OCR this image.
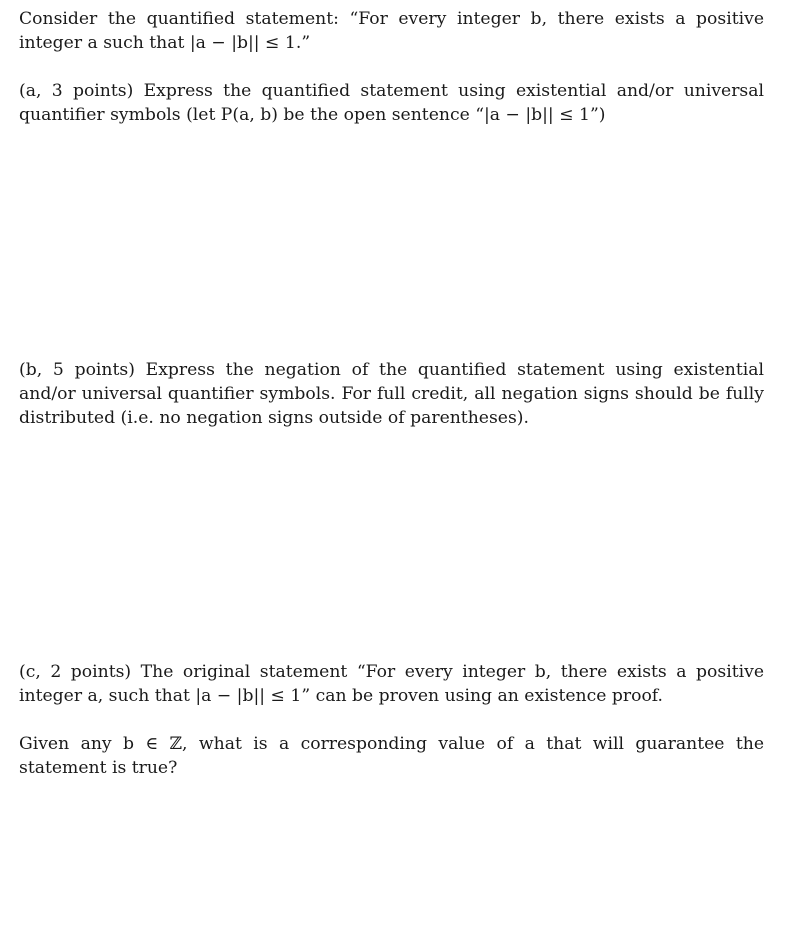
Consider the quantified statement: “For every integer b, there exists a positive integer a such that |a − |b|| ≤ 1.”

(a, 3 points) Express the quantified statement using existential and/or universal quantifier symbols (let P(a, b) be the open sentence “|a − |b|| ≤ 1”)

(b, 5 points) Express the negation of the quantified statement using existential and/or universal quantifier symbols. For full credit, all negation signs should be fully distributed (i.e. no negation signs outside of parentheses).

(c, 2 points) The original statement “For every integer b, there exists a positive integer a, such that |a − |b|| ≤ 1” can be proven using an existence proof.

Given any b ∈ ℤ, what is a corresponding value of a that will guarantee the statement is true?
